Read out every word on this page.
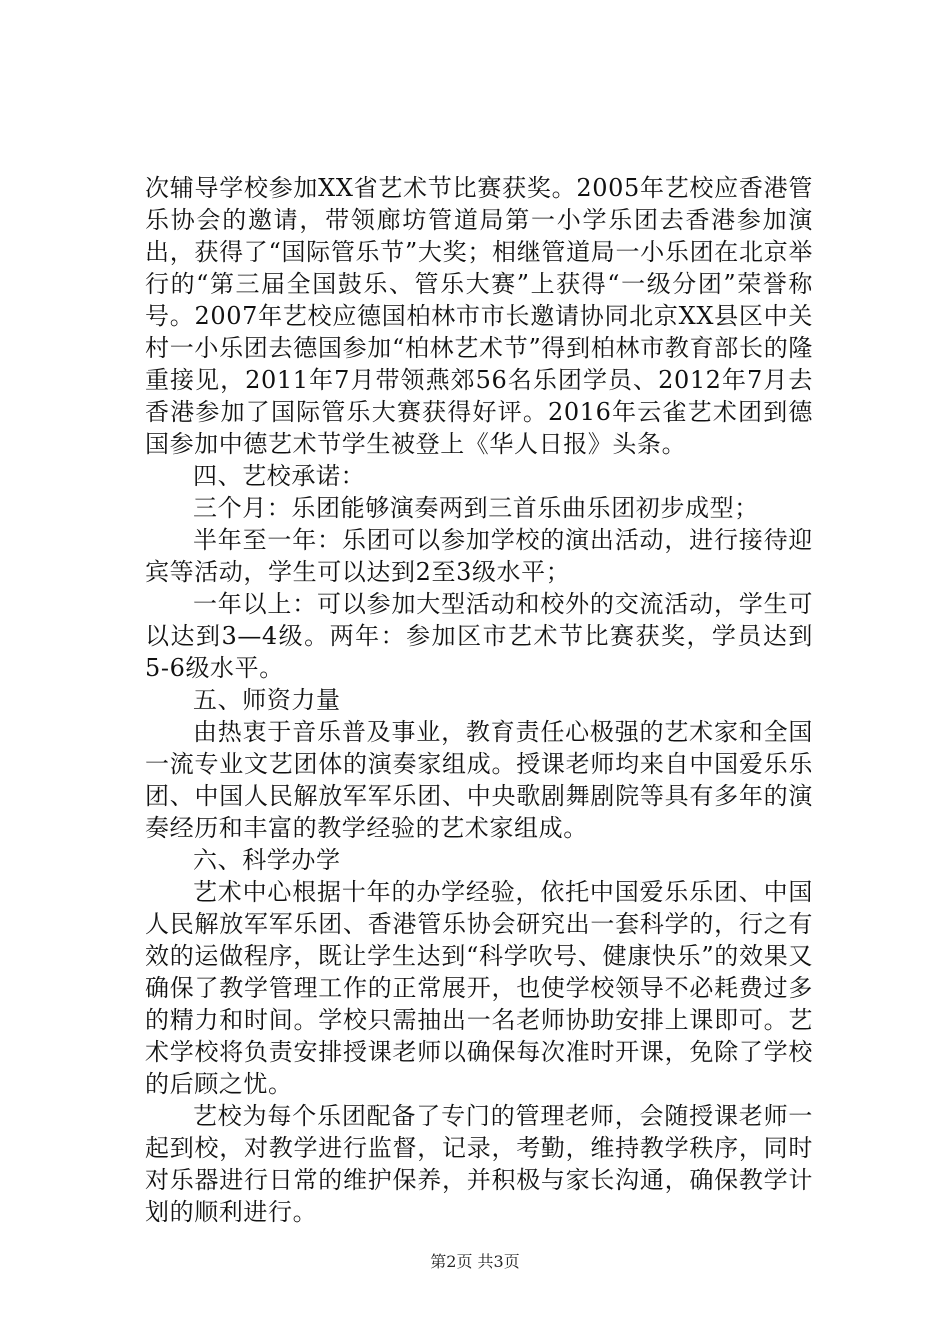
次辅导学校参加XX省艺术节比赛获奖。2005年艺校应香港管乐协会的邀请，带领廊坊管道局第一小学乐团去香港参加演出，获得了“国际管乐节”大奖；相继管道局一小乐团在北京举行的“第三届全国鼓乐、管乐大赛”上获得“一级分团”荣誉称号。2007年艺校应德国柏林市市长邀请协同北京XX县区中关村一小乐团去德国参加“柏林艺术节”得到柏林市教育部长的隆重接见，2011年7月带领燕郊56名乐团学员、2012年7月去香港参加了国际管乐大赛获得好评。2016年云雀艺术团到德国参加中德艺术节学生被登上《华人日报》头条。

四、艺校承诺：

三个月：乐团能够演奏两到三首乐曲乐团初步成型；

半年至一年：乐团可以参加学校的演出活动，进行接待迎宾等活动，学生可以达到2至3级水平；

一年以上：可以参加大型活动和校外的交流活动，学生可以达到3—4级。两年：参加区市艺术节比赛获奖，学员达到5-6级水平。

五、师资力量

由热衷于音乐普及事业，教育责任心极强的艺术家和全国一流专业文艺团体的演奏家组成。授课老师均来自中国爱乐乐团、中国人民解放军军乐团、中央歌剧舞剧院等具有多年的演奏经历和丰富的教学经验的艺术家组成。

六、科学办学

艺术中心根据十年的办学经验，依托中国爱乐乐团、中国人民解放军军乐团、香港管乐协会研究出一套科学的，行之有效的运做程序，既让学生达到“科学吹号、健康快乐”的效果又确保了教学管理工作的正常展开，也使学校领导不必耗费过多的精力和时间。学校只需抽出一名老师协助安排上课即可。艺术学校将负责安排授课老师以确保每次准时开课，免除了学校的后顾之忧。

艺校为每个乐团配备了专门的管理老师，会随授课老师一起到校，对教学进行监督，记录，考勤，维持教学秩序，同时对乐器进行日常的维护保养，并积极与家长沟通，确保教学计划的顺利进行。

第2页 共3页
